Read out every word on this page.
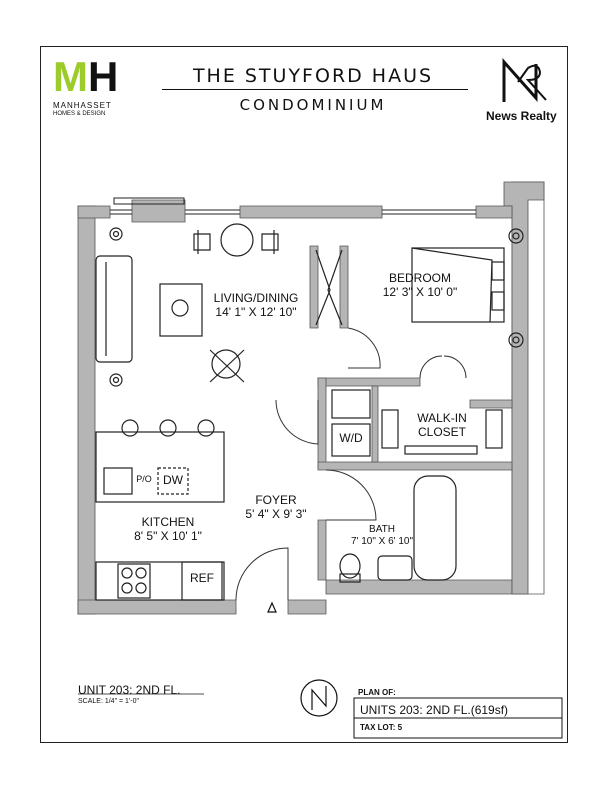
MH
MANHASSET
HOMES & DESIGN
THE STUYFORD HAUS
CONDOMINIUM
News Realty
LIVING/DINING
14' 1" X 12' 10"
BEDROOM
12' 3" X 10' 0"
WALK-IN
CLOSET
W/D
KITCHEN
8' 5" X 10' 1"
FOYER
5' 4" X 9' 3"
BATH
7' 10" X 6' 10"
DW
P/O
REF
UNIT 203: 2ND FL.
SCALE: 1/4" = 1'-0"
PLAN OF:
UNITS 203: 2ND FL.(619sf)
TAX LOT: 5
